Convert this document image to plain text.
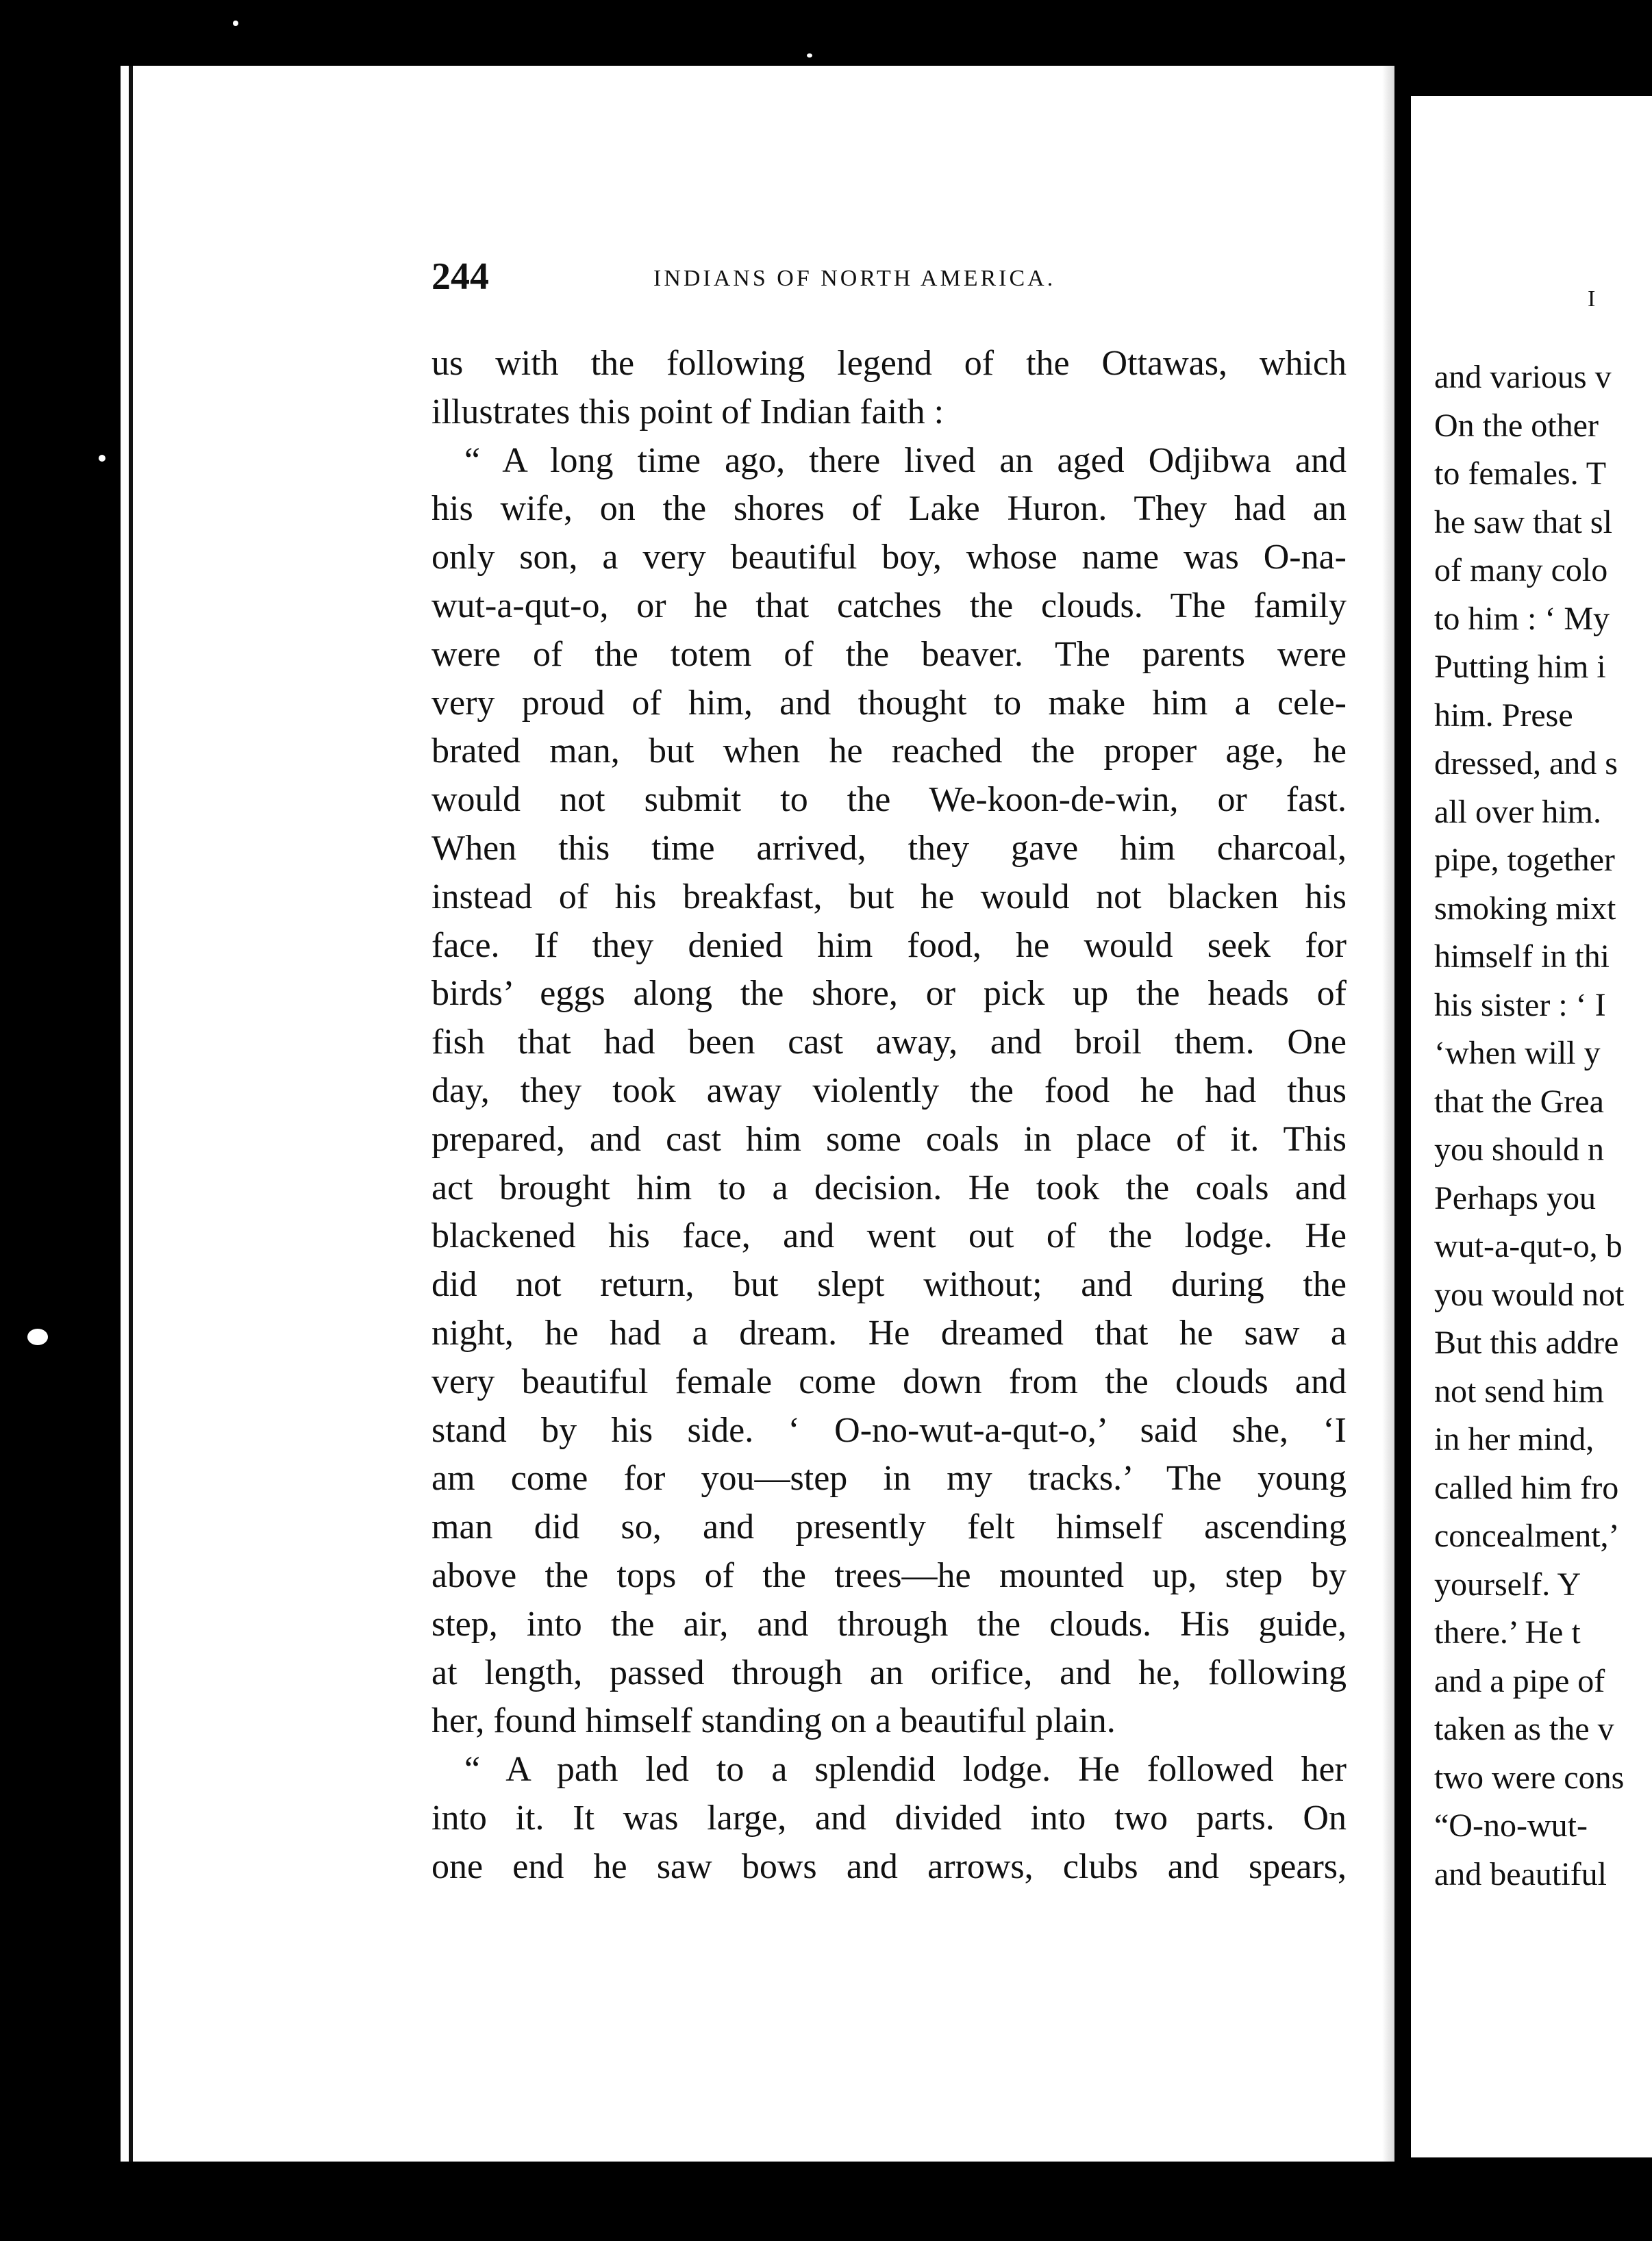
244	INDIANS OF NORTH AMERICA.
us with the following legend of the Ottawas, which
illustrates this point of Indian faith :
“ A long time ago, there lived an aged Odjibwa and
his wife, on the shores of Lake Huron. They had an
only son, a very beautiful boy, whose name was O-na-
wut-a-qut-o, or he that catches the clouds. The family
were of the totem of the beaver. The parents were
very proud of him, and thought to make him a cele-
brated man, but when he reached the proper age, he
would not submit to the We-koon-de-win, or fast.
When this time arrived, they gave him charcoal,
instead of his breakfast, but he would not blacken his
face. If they denied him food, he would seek for
birds’ eggs along the shore, or pick up the heads of
fish that had been cast away, and broil them. One
day, they took away violently the food he had thus
prepared, and cast him some coals in place of it. This
act brought him to a decision. He took the coals and
blackened his face, and went out of the lodge. He
did not return, but slept without; and during the
night, he had a dream. He dreamed that he saw a
very beautiful female come down from the clouds and
stand by his side. ‘ O-no-wut-a-qut-o,’ said she, ‘I
am come for you—step in my tracks.’ The young
man did so, and presently felt himself ascending
above the tops of the trees—he mounted up, step by
step, into the air, and through the clouds. His guide,
at length, passed through an orifice, and he, following
her, found himself standing on a beautiful plain.
“ A path led to a splendid lodge. He followed her
into it. It was large, and divided into two parts. On
one end he saw bows and arrows, clubs and spears,
I
and various v
On the other
to females. T
he saw that sl
of many colo
to him : ‘ My
Putting him i
him. Prese
dressed, and s
all over him.
pipe, together
smoking mixt
himself in thi
his sister : ‘ I
‘when will y
that the Grea
you should n
Perhaps you
wut-a-qut-o, b
you would not
But this addre
not send him
in her mind,
called him fro
concealment,’
yourself. Y
there.’ He t
and a pipe of
taken as the v
two were cons
“O-no-wut-
and beautiful
